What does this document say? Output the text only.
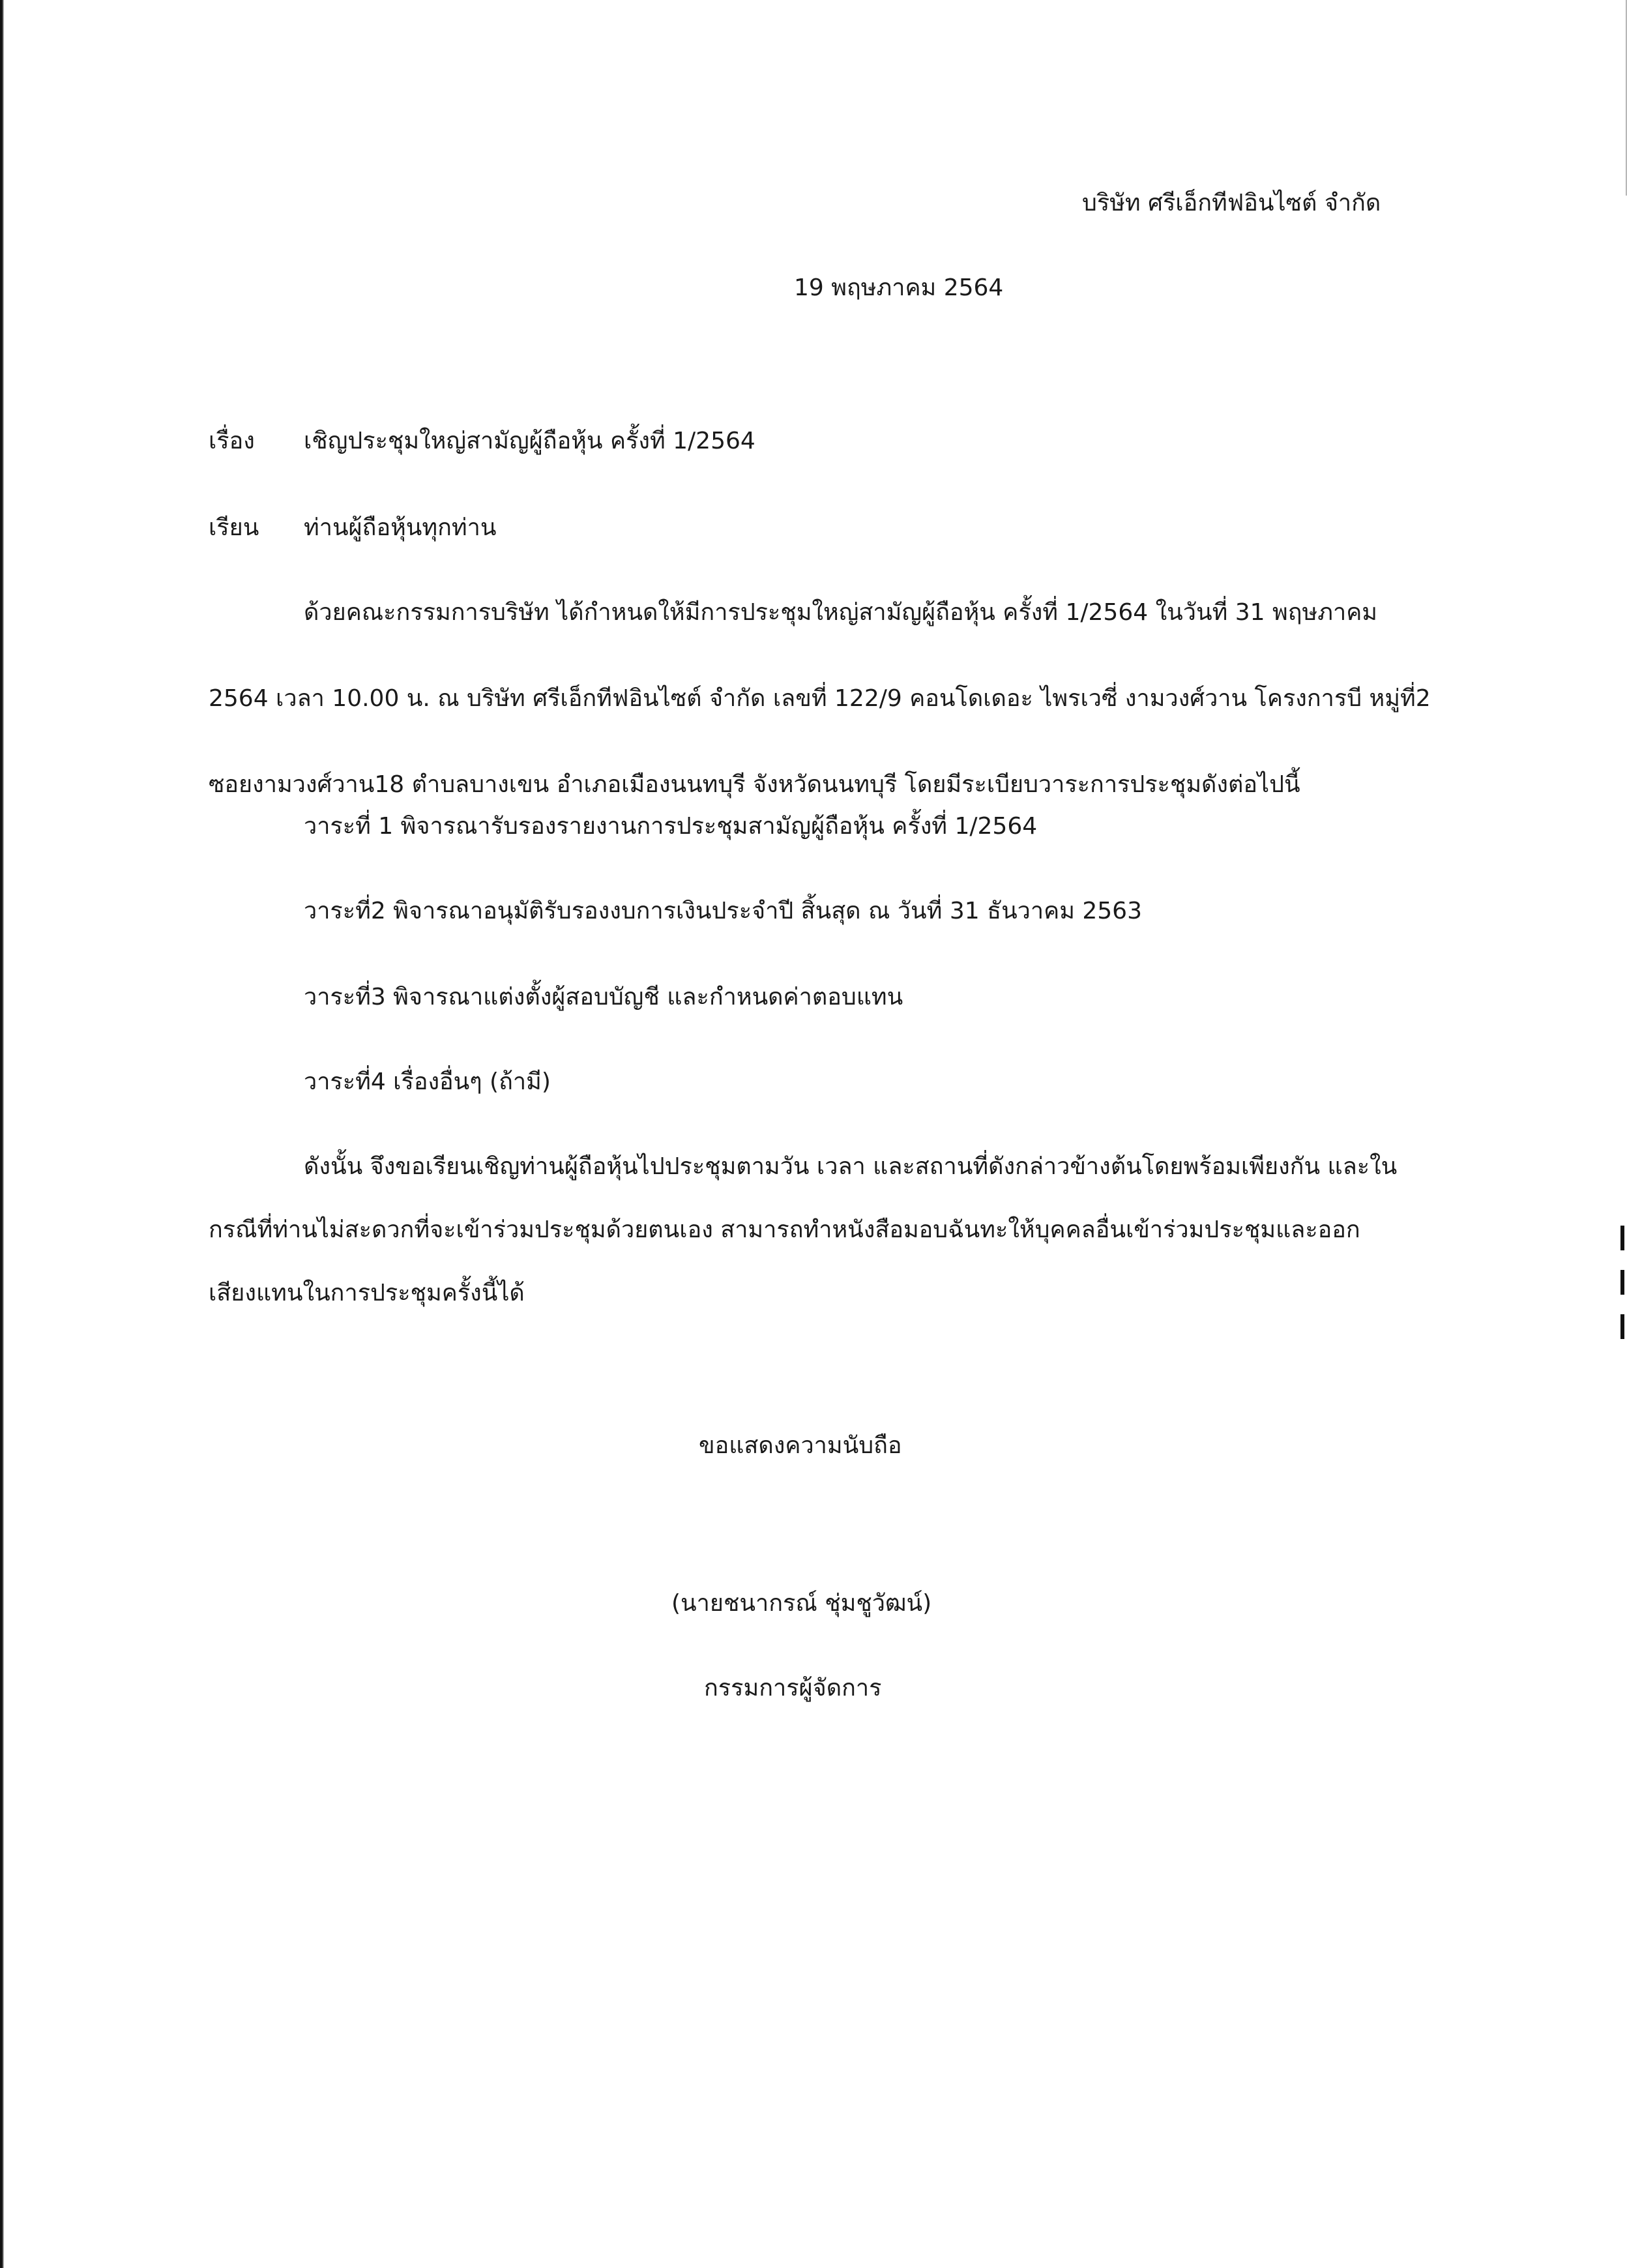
บริษัท ศรีเอ็กทีฟอินไซต์ จำกัด
19 พฤษภาคม 2564
เรื่อง เชิญประชุมใหญ่สามัญผู้ถือหุ้น ครั้งที่ 1/2564
เรียน ท่านผู้ถือหุ้นทุกท่าน
ด้วยคณะกรรมการบริษัท ได้กำหนดให้มีการประชุมใหญ่สามัญผู้ถือหุ้น ครั้งที่ 1/2564 ในวันที่ 31 พฤษภาคม
2564 เวลา 10.00 น. ณ บริษัท ศรีเอ็กทีฟอินไซต์ จำกัด เลขที่ 122/9 คอนโดเดอะ ไพรเวซี่ งามวงศ์วาน โครงการบี หมู่ที่2
ซอยงามวงศ์วาน18 ตำบลบางเขน อำเภอเมืองนนทบุรี จังหวัดนนทบุรี โดยมีระเบียบวาระการประชุมดังต่อไปนี้
วาระที่ 1 พิจารณารับรองรายงานการประชุมสามัญผู้ถือหุ้น ครั้งที่ 1/2564
วาระที่2 พิจารณาอนุมัติรับรองงบการเงินประจำปี สิ้นสุด ณ วันที่ 31 ธันวาคม 2563
วาระที่3 พิจารณาแต่งตั้งผู้สอบบัญชี และกำหนดค่าตอบแทน
วาระที่4 เรื่องอื่นๆ (ถ้ามี)
ดังนั้น จึงขอเรียนเชิญท่านผู้ถือหุ้นไปประชุมตามวัน เวลา และสถานที่ดังกล่าวข้างต้นโดยพร้อมเพียงกัน และใน
กรณีที่ท่านไม่สะดวกที่จะเข้าร่วมประชุมด้วยตนเอง สามารถทำหนังสือมอบฉันทะให้บุคคลอื่นเข้าร่วมประชุมและออก
เสียงแทนในการประชุมครั้งนี้ได้
ขอแสดงความนับถือ
(นายชนากรณ์ ชุ่มชูวัฒน์)
กรรมการผู้จัดการ
